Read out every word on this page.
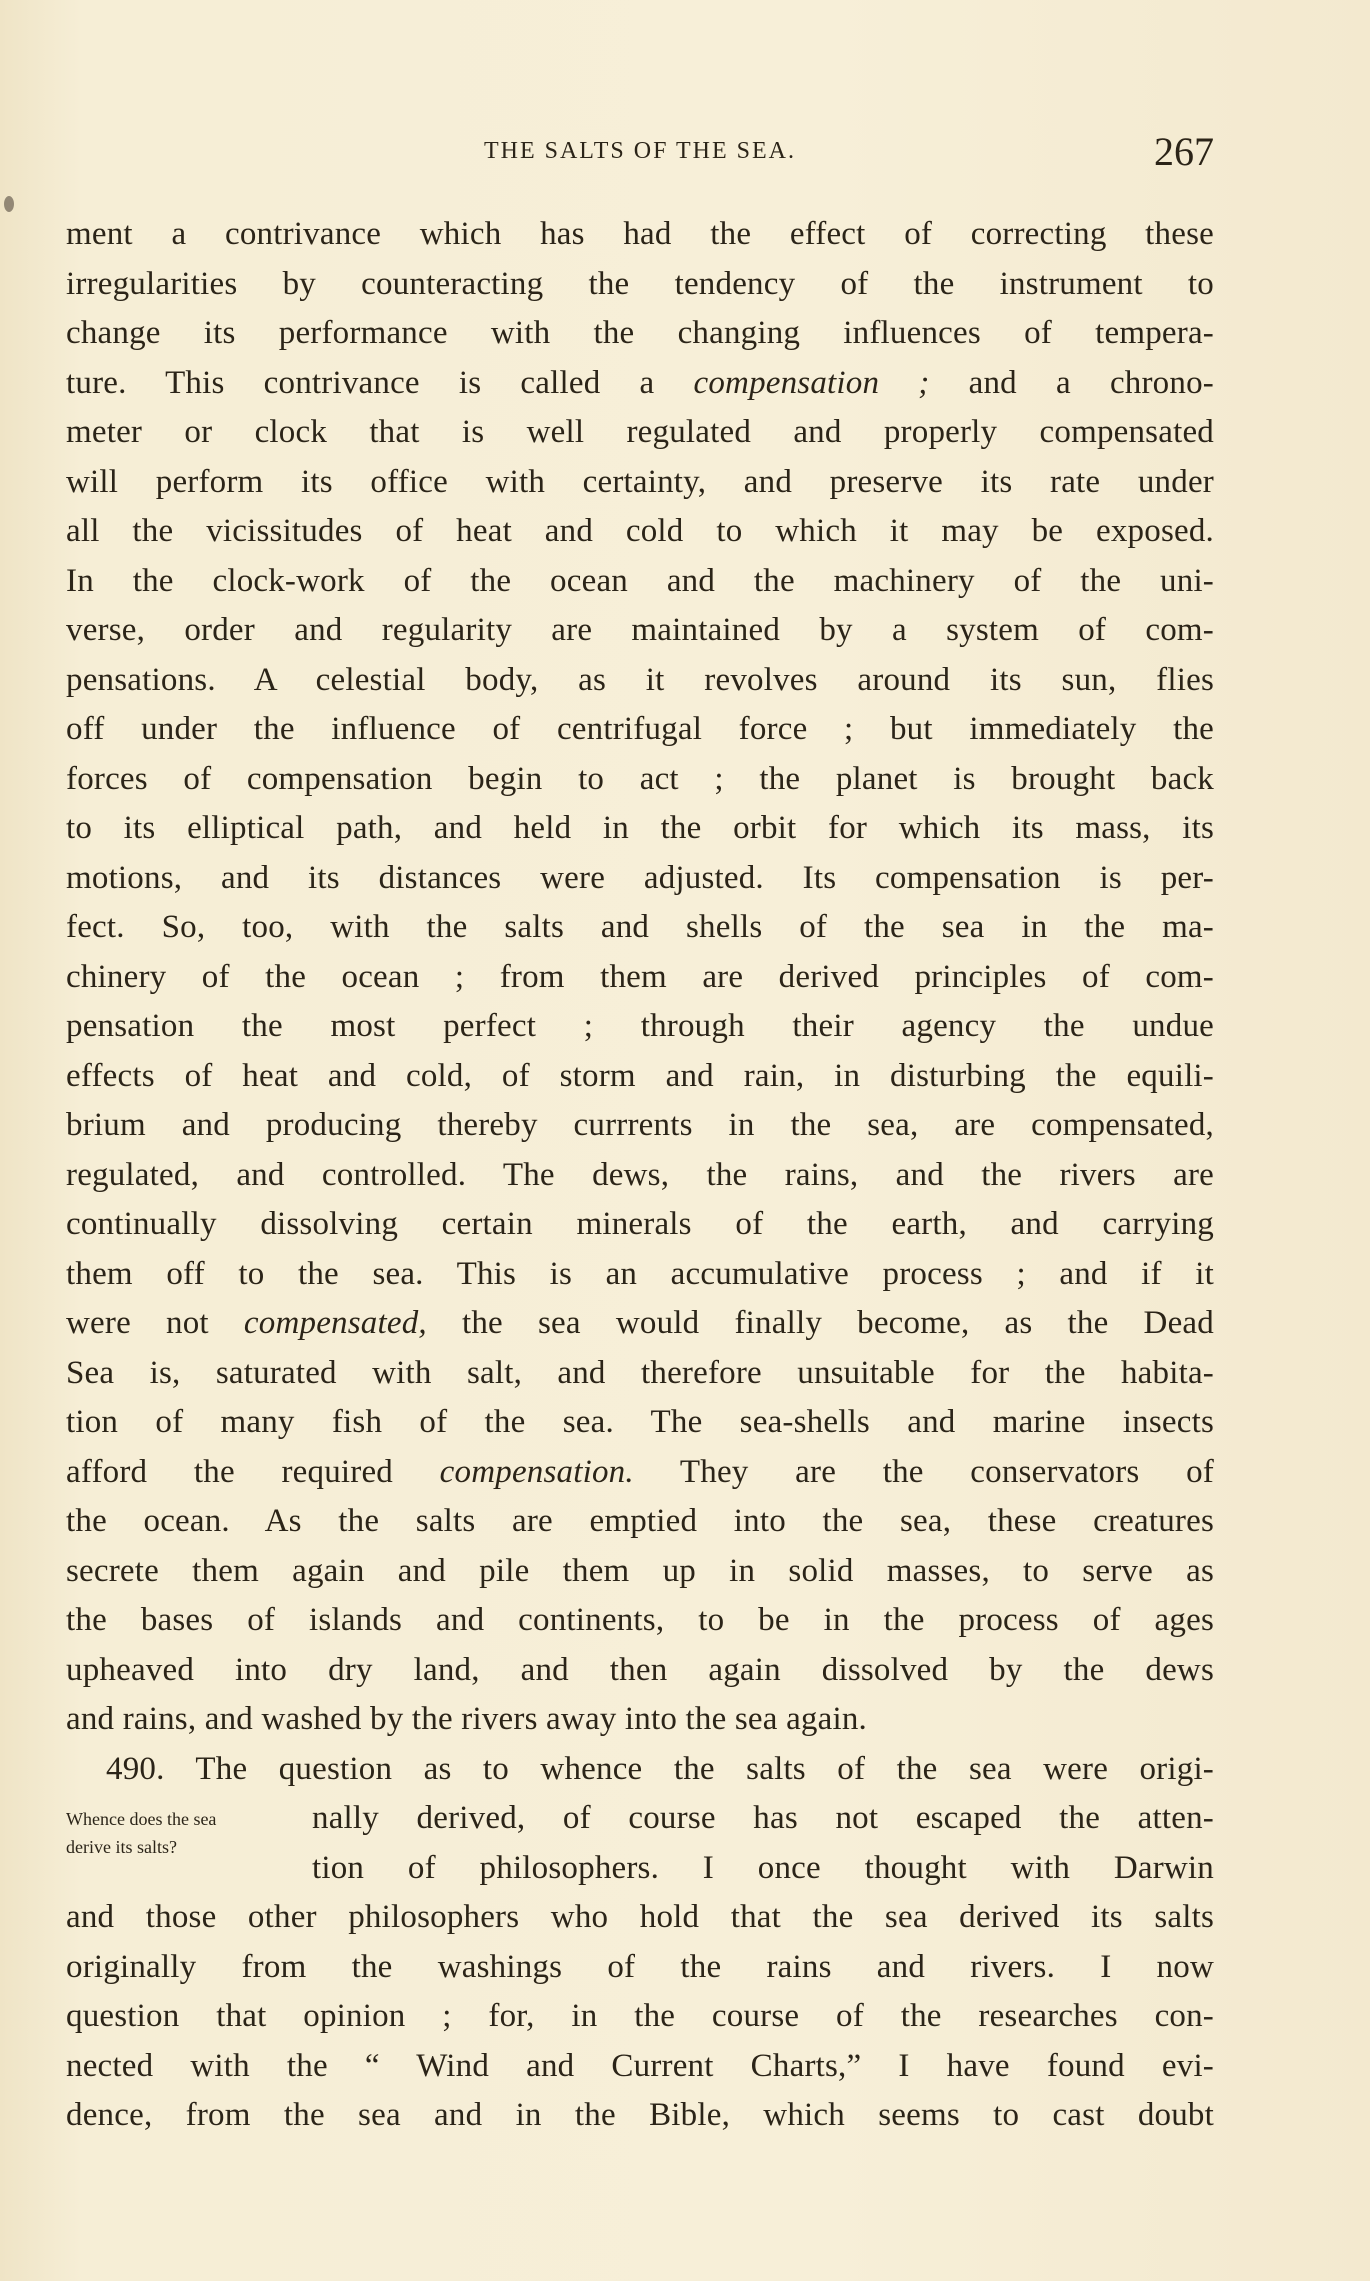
THE SALTS OF THE SEA.	267
ment a contrivance which has had the effect of correcting these
irregularities by counteracting the tendency of the instrument to
change its performance with the changing influences of tempera-
ture. This contrivance is called a compensation ; and a chrono-
meter or clock that is well regulated and properly compensated
will perform its office with certainty, and preserve its rate under
all the vicissitudes of heat and cold to which it may be exposed.
In the clock-work of the ocean and the machinery of the uni-
verse, order and regularity are maintained by a system of com-
pensations. A celestial body, as it revolves around its sun, flies
off under the influence of centrifugal force ; but immediately the
forces of compensation begin to act ; the planet is brought back
to its elliptical path, and held in the orbit for which its mass, its
motions, and its distances were adjusted. Its compensation is per-
fect. So, too, with the salts and shells of the sea in the ma-
chinery of the ocean ; from them are derived principles of com-
pensation the most perfect ; through their agency the undue
effects of heat and cold, of storm and rain, in disturbing the equili-
brium and producing thereby currrents in the sea, are compensated,
regulated, and controlled. The dews, the rains, and the rivers are
continually dissolving certain minerals of the earth, and carrying
them off to the sea. This is an accumulative process ; and if it
were not compensated, the sea would finally become, as the Dead
Sea is, saturated with salt, and therefore unsuitable for the habita-
tion of many fish of the sea. The sea-shells and marine insects
afford the required compensation. They are the conservators of
the ocean. As the salts are emptied into the sea, these creatures
secrete them again and pile them up in solid masses, to serve as
the bases of islands and continents, to be in the process of ages
upheaved into dry land, and then again dissolved by the dews
and rains, and washed by the rivers away into the sea again.
490. The question as to whence the salts of the sea were origi-
Whence does the sea	nally derived, of course has not escaped the atten-
derive its salts?
tion of philosophers. I once thought with Darwin
and those other philosophers who hold that the sea derived its salts
originally from the washings of the rains and rivers. I now
question that opinion ; for, in the course of the researches con-
nected with the “ Wind and Current Charts,” I have found evi-
dence, from the sea and in the Bible, which seems to cast doubt
